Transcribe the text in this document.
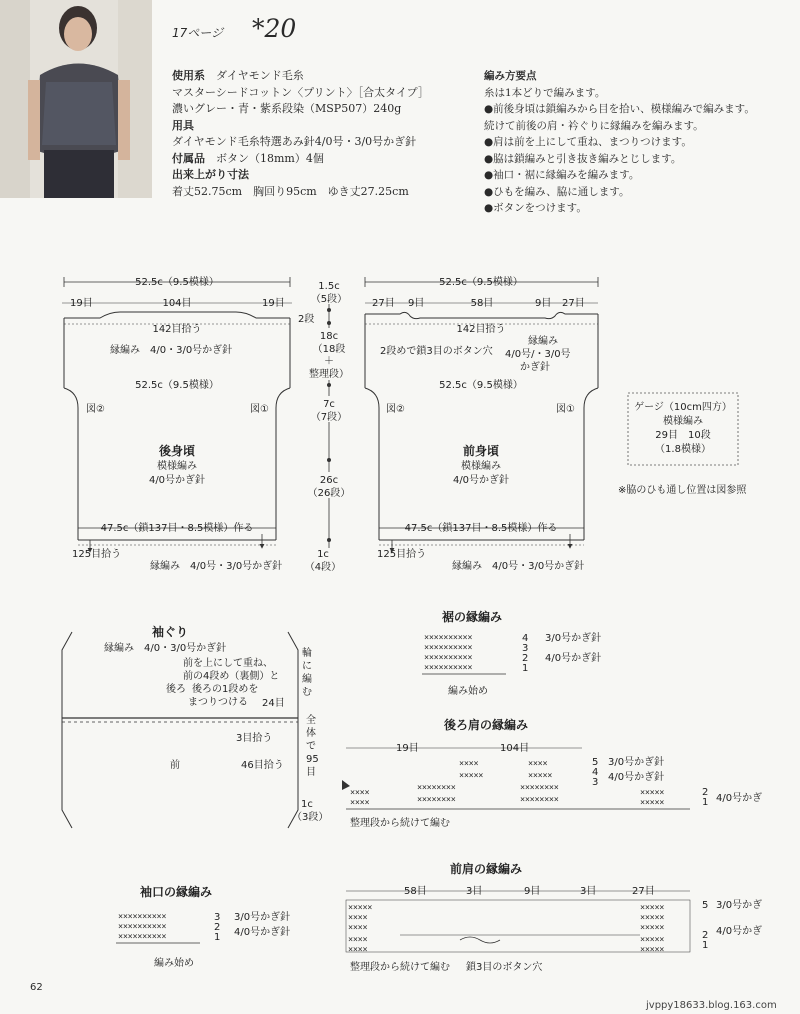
17ページ *20
使用系　 ダイヤモンド毛糸
マスターシードコットン〈プリント〉［合太タイプ］
濃いグレー・青・紫系段染（MSP507）240g
用具
ダイヤモンド毛糸特選あみ針4/0号・3/0号かぎ針
付属品　 ボタン（18mm）4個
出来上がり寸法
着丈52.75cm　胸回り95cm　ゆき丈27.25cm
編み方要点
糸は1本どりで編みます。
●前後身頃は鎖編みから目を拾い、模様編みで編みます。
続けて前後の肩・衿ぐりに縁編みを編みます。
●肩は前を上にして重ね、まつりつけます。
●脇は鎖編みと引き抜き編みとじします。
●袖口・裾に縁編みを編みます。
●ひもを編み、脇に通します。
●ボタンをつけます。
52.5c（9.5模様）
19目	104目	19目
142目拾う
縁編み　4/0・3/0号かぎ針
52.5c（9.5模様）
図②	図①
後身頃
模様編み
4/0号かぎ針
47.5c（鎖137目・8.5模様）作る
125目拾う
縁編み　4/0号・3/0号かぎ針
1.5c
（5段）
2段
18c
（18段
＋
整理段）
7c
（7段）
26c
（26段）
1c
（4段）
52.5c（9.5模様）
27目 9目	58目	9目 27目
142目拾う
2段めで鎖3目のボタン穴
縁編み
4/0号/・3/0号
かぎ針
52.5c（9.5模様）
図②	図①
前身頃
模様編み
4/0号かぎ針
47.5c（鎖137目・8.5模様）作る
125目拾う
縁編み　4/0号・3/0号かぎ針
ゲージ（10cm四方）
模様編み
29目　10段
（1.8模様）
※脇のひも通し位置は図参照
袖ぐり
縁編み　4/0・3/0号かぎ針
前を上にして重ね、
前の4段め（裏側）と
後ろ 後ろの1段めを
まつりつける 24目
3目拾う
前	46目拾う
輪
に
編
む
全
体
で
95
目
1c
（3段）
裾の縁編み
××××××××××
××××××××××
××××××××××
××××××××××
4
3
2
1
3/0号かぎ針
4/0号かぎ針
編み始め
後ろ肩の縁編み
19目	104目
××××	××××
×××××	×××××
××××××××	××××××××
××××
××××	××××××××	××××××××
×××××
×××××
5
4
3
2
1
3/0号かぎ針
4/0号かぎ針
4/0号かぎ
整理段から続けて編む
前肩の縁編み
58目	3目	9目	3目	27目
×××××
××××
××××
××××
××××
×××××
×××××
×××××
×××××
×××××
5
2
1
3/0号かぎ
4/0号かぎ
整理段から続けて編む 鎖3目のボタン穴
袖口の縁編み
××××××××××
××××××××××
××××××××××
3
2
1
3/0号かぎ針
4/0号かぎ針
編み始め
62
jvppy18633.blog.163.com
